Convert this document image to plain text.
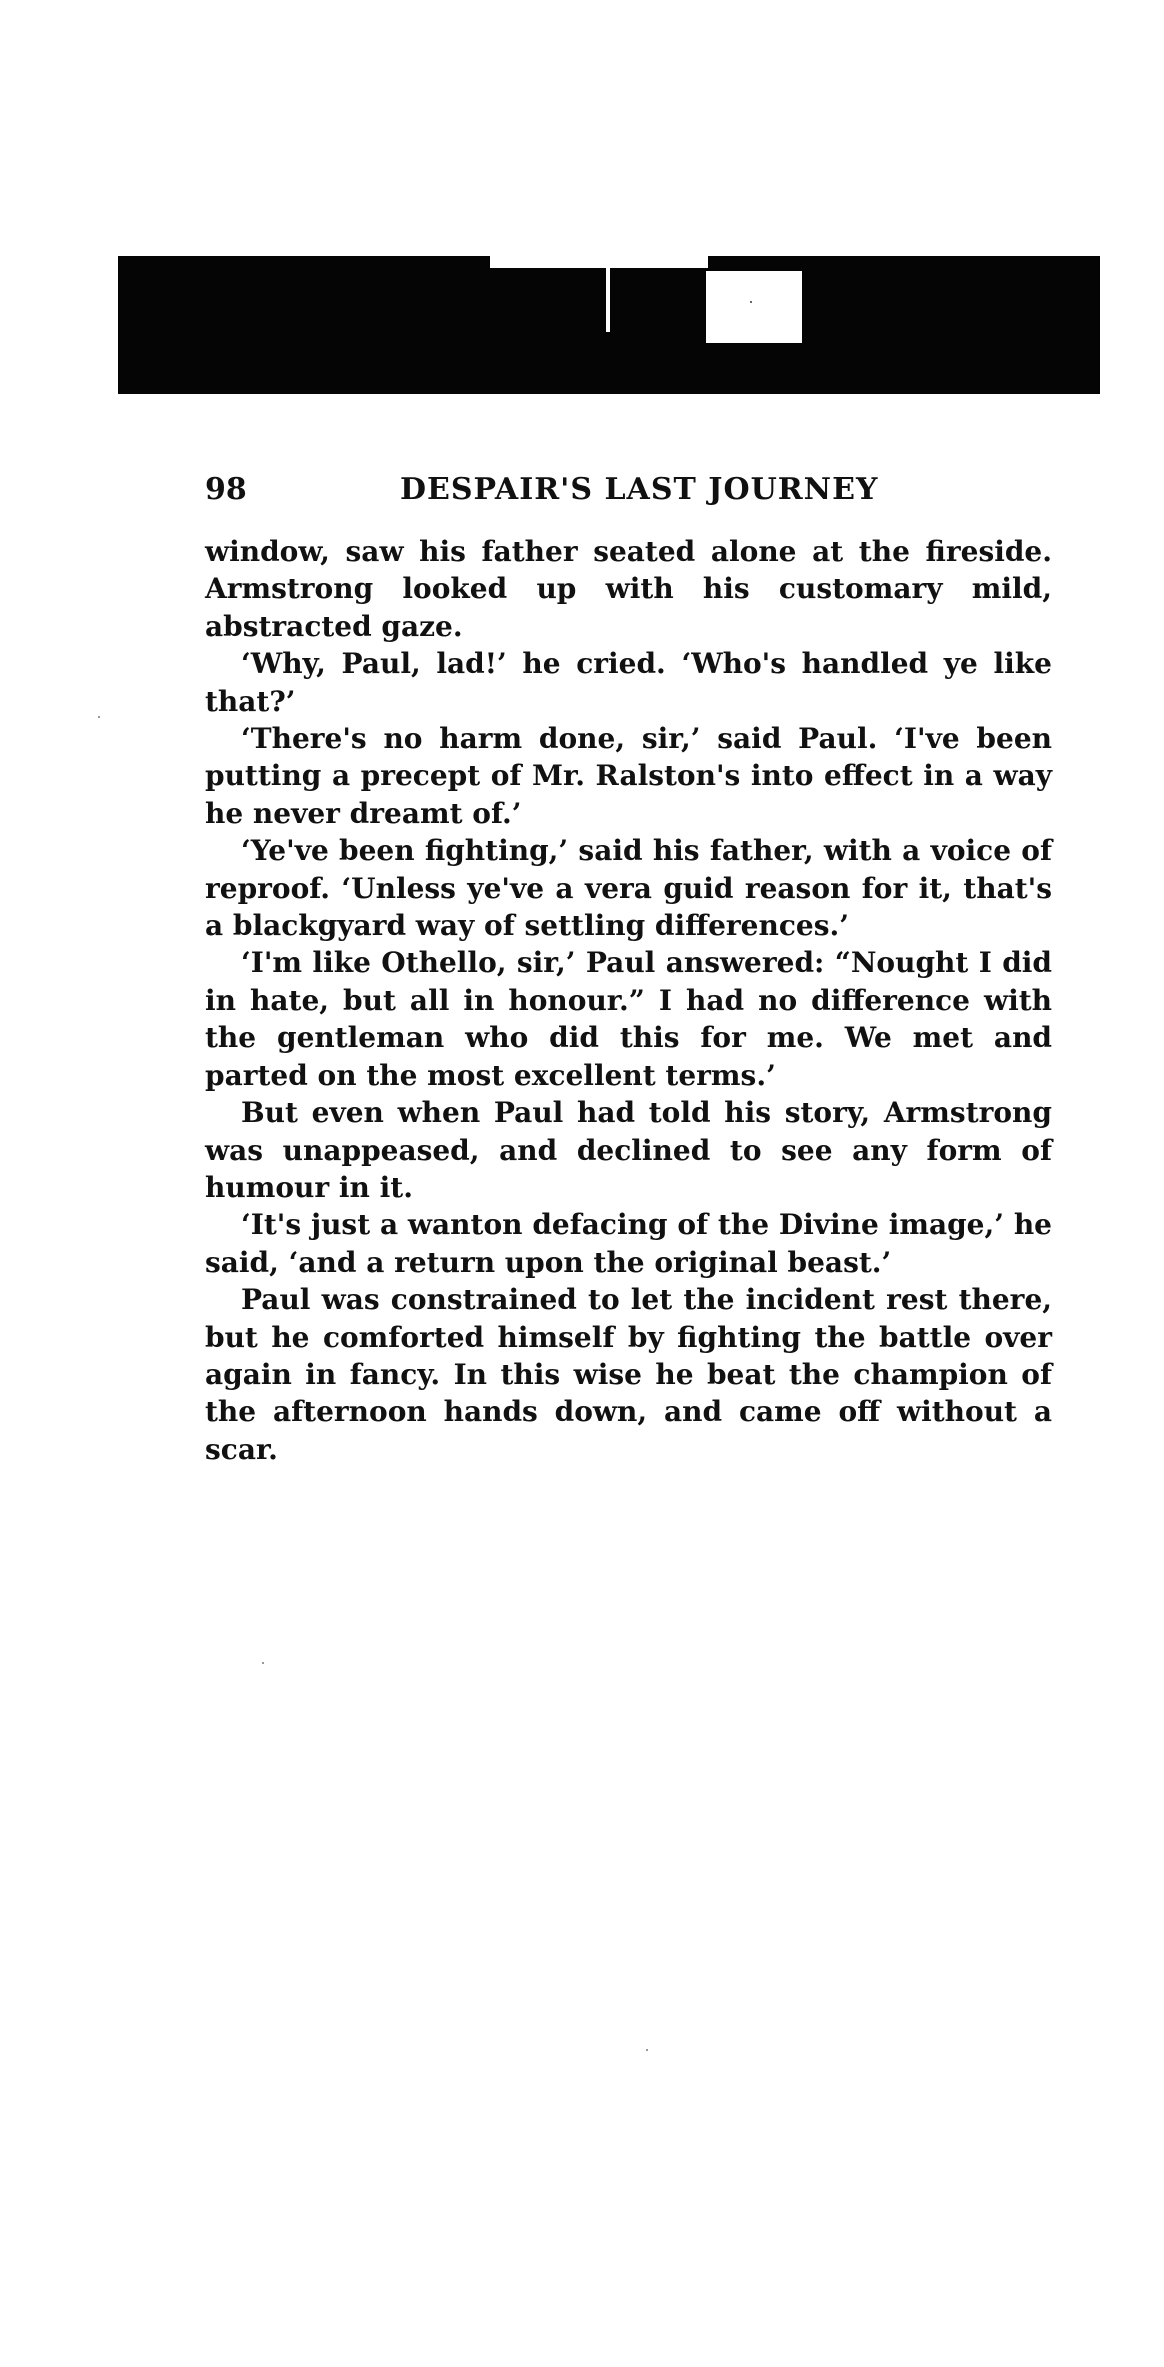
98	DESPAIR'S LAST JOURNEY

window, saw his father seated alone at the fireside. Armstrong looked up with his customary mild, abstracted gaze.

‘Why, Paul, lad!’ he cried. ‘Who's handled ye like that?’

‘There's no harm done, sir,’ said Paul. ‘I've been putting a precept of Mr. Ralston's into effect in a way he never dreamt of.’

‘Ye've been fighting,’ said his father, with a voice of reproof. ‘Unless ye've a vera guid reason for it, that's a blackgyard way of settling differences.’

‘I'm like Othello, sir,’ Paul answered: “Nought I did in hate, but all in honour.” I had no difference with the gentleman who did this for me. We met and parted on the most excellent terms.’

But even when Paul had told his story, Armstrong was unappeased, and declined to see any form of humour in it.

‘It's just a wanton defacing of the Divine image,’ he said, ‘and a return upon the original beast.’

Paul was constrained to let the incident rest there, but he comforted himself by fighting the battle over again in fancy. In this wise he beat the champion of the afternoon hands down, and came off without a scar.
